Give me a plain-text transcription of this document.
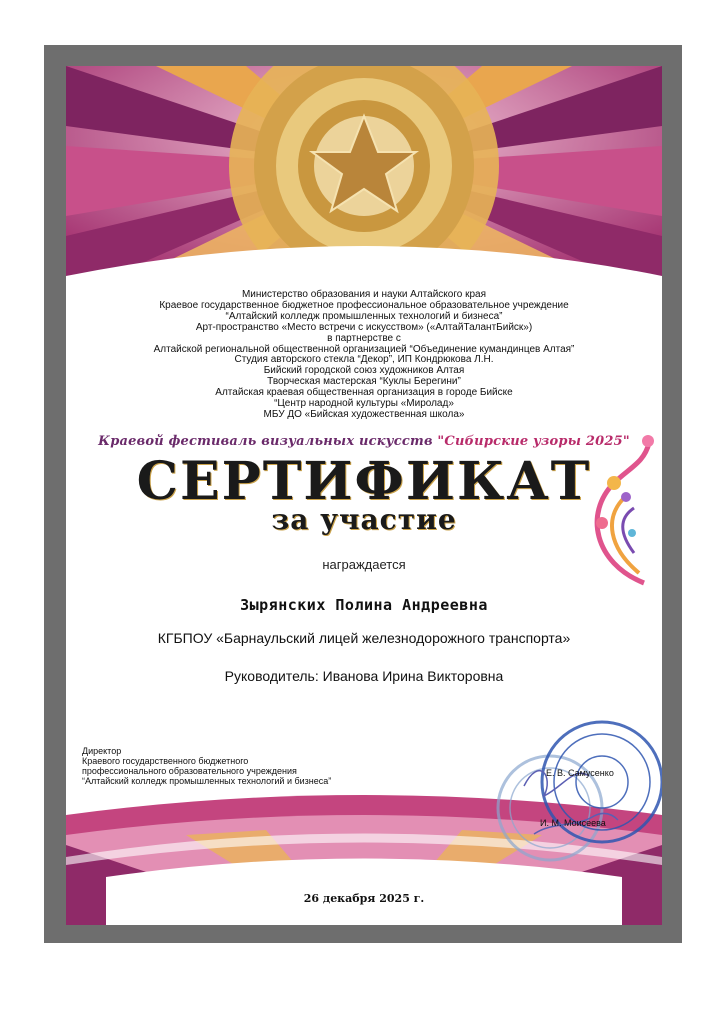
Министерство образования и науки Алтайского края
Краевое государственное бюджетное профессиональное образовательное учреждение
“Алтайский колледж промышленных технологий и бизнеса”
Арт-пространство «Место встречи с искусством» («АлтайТалантБийск»)
в партнерстве с
Алтайской региональной общественной организацией “Объединение кумандинцев Алтая”
Студия авторского стекла “Декор”, ИП Кондрюкова Л.Н.
Бийский городской союз художников Алтая
Творческая мастерская “Куклы Берегини”
Алтайская краевая общественная организация в городе Бийске
“Центр народной культуры «Миролад»
МБУ ДО «Бийская художественная школа»
Краевой фестиваль визуальных искусств "Сибирские узоры 2025"
СЕРТИФИКАТ
за участие
награждается
Зырянских Полина Андреевна
КГБПОУ «Барнаульский лицей железнодорожного транспорта»
Руководитель: Иванова Ирина Викторовна
Директор
Краевого государственного бюджетного
профессионального образовательного учреждения
“Алтайский колледж промышленных технологий и бизнеса”
Е. В. Самусенко
И. М. Моисеева
26 декабря 2025 г.
